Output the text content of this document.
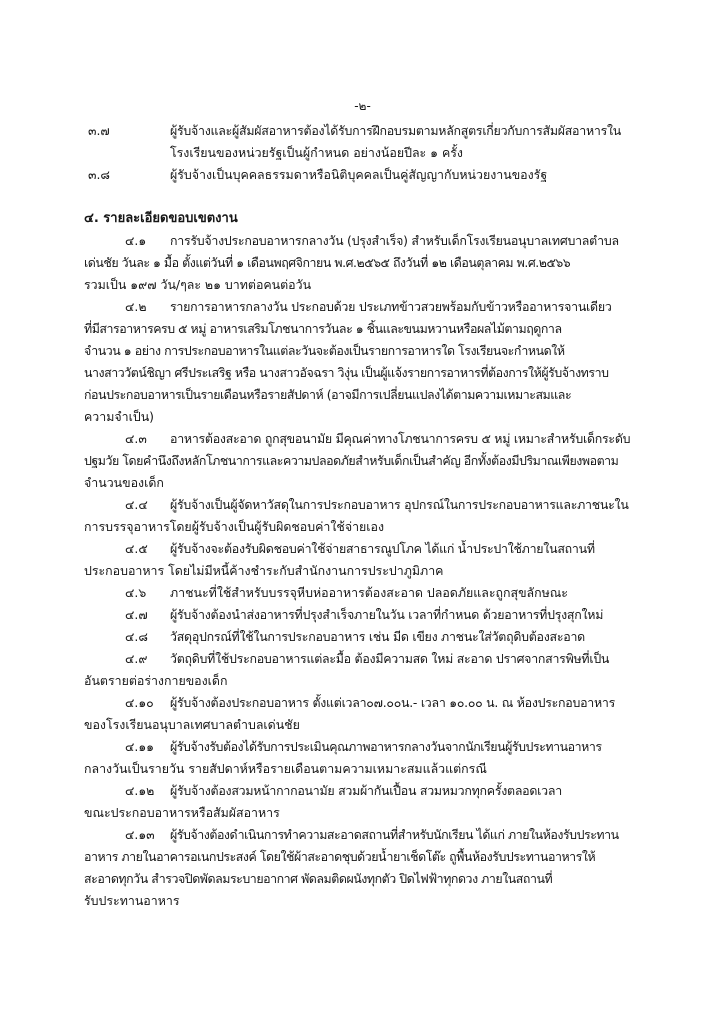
-๒-
๓.๗	ผู้รับจ้างและผู้สัมผัสอาหารต้องได้รับการฝึกอบรมตามหลักสูตรเกี่ยวกับการสัมผัสอาหารใน
โรงเรียนของหน่วยรัฐเป็นผู้กำหนด อย่างน้อยปีละ ๑ ครั้ง
๓.๘	ผู้รับจ้างเป็นบุคคลธรรมดาหรือนิติบุคคลเป็นคู่สัญญากับหน่วยงานของรัฐ
๔. รายละเอียดขอบเขตงาน
๔.๑ การรับจ้างประกอบอาหารกลางวัน (ปรุงสำเร็จ) สำหรับเด็กโรงเรียนอนุบาลเทศบาลตำบล
เด่นชัย วันละ ๑ มื้อ ตั้งแต่วันที่ ๑ เดือนพฤศจิกายน พ.ศ.๒๕๖๕ ถึงวันที่ ๑๒ เดือนตุลาคม พ.ศ.๒๕๖๖
รวมเป็น ๑๙๗ วัน/ๆละ ๒๑ บาทต่อคนต่อวัน
๔.๒ รายการอาหารกลางวัน ประกอบด้วย ประเภทข้าวสวยพร้อมกับข้าวหรืออาหารจานเดียว
ที่มีสารอาหารครบ ๕ หมู่ อาหารเสริมโภชนาการวันละ ๑ ชิ้นและขนมหวานหรือผลไม้ตามฤดูกาล
จำนวน ๑ อย่าง การประกอบอาหารในแต่ละวันจะต้องเป็นรายการอาหารใด โรงเรียนจะกำหนดให้
นางสาววัตน์ชิญา ศรีประเสริฐ หรือ นางสาวอัจฉรา วิงุ่น เป็นผู้แจ้งรายการอาหารที่ต้องการให้ผู้รับจ้างทราบ
ก่อนประกอบอาหารเป็นรายเดือนหรือรายสัปดาห์ (อาจมีการเปลี่ยนแปลงได้ตามความเหมาะสมและ
ความจำเป็น)
๔.๓ อาหารต้องสะอาด ถูกสุขอนามัย มีคุณค่าทางโภชนาการครบ ๕ หมู่ เหมาะสำหรับเด็กระดับ
ปฐมวัย โดยคำนึงถึงหลักโภชนาการและความปลอดภัยสำหรับเด็กเป็นสำคัญ อีกทั้งต้องมีปริมาณเพียงพอตาม
จำนวนของเด็ก
๔.๔ ผู้รับจ้างเป็นผู้จัดหาวัสดุในการประกอบอาหาร อุปกรณ์ในการประกอบอาหารและภาชนะใน
การบรรจุอาหารโดยผู้รับจ้างเป็นผู้รับผิดชอบค่าใช้จ่ายเอง
๔.๕ ผู้รับจ้างจะต้องรับผิดชอบค่าใช้จ่ายสาธารณูปโภค ได้แก่ น้ำประปาใช้ภายในสถานที่
ประกอบอาหาร โดยไม่มีหนี้ค้างชำระกับสำนักงานการประปาภูมิภาค
๔.๖ ภาชนะที่ใช้สำหรับบรรจุหีบห่ออาหารต้องสะอาด ปลอดภัยและถูกสุขลักษณะ
๔.๗ ผู้รับจ้างต้องนำส่งอาหารที่ปรุงสำเร็จภายในวัน เวลาที่กำหนด ด้วยอาหารที่ปรุงสุกใหม่
๔.๘ วัสดุอุปกรณ์ที่ใช้ในการประกอบอาหาร เช่น มีด เขียง ภาชนะใส่วัตถุดิบต้องสะอาด
๔.๙ วัตถุดิบที่ใช้ประกอบอาหารแต่ละมื้อ ต้องมีความสด ใหม่ สะอาด ปราศจากสารพิษที่เป็น
อันตรายต่อร่างกายของเด็ก
๔.๑๐ ผู้รับจ้างต้องประกอบอาหาร ตั้งแต่เวลา๐๗.๐๐น.- เวลา ๑๐.๐๐ น. ณ ห้องประกอบอาหาร
ของโรงเรียนอนุบาลเทศบาลตำบลเด่นชัย
๔.๑๑ ผู้รับจ้างรับต้องได้รับการประเมินคุณภาพอาหารกลางวันจากนักเรียนผู้รับประทานอาหาร
กลางวันเป็นรายวัน รายสัปดาห์หรือรายเดือนตามความเหมาะสมแล้วแต่กรณี
๔.๑๒ ผู้รับจ้างต้องสวมหน้ากากอนามัย สวมผ้ากันเปื้อน สวมหมวกทุกครั้งตลอดเวลา
ขณะประกอบอาหารหรือสัมผัสอาหาร
๔.๑๓ ผู้รับจ้างต้องดำเนินการทำความสะอาดสถานที่สำหรับนักเรียน ได้แก่ ภายในห้องรับประทาน
อาหาร ภายในอาคารอเนกประสงค์ โดยใช้ผ้าสะอาดชุบด้วยน้ำยาเช็ดโต๊ะ ถูพื้นห้องรับประทานอาหารให้
สะอาดทุกวัน สำรวจปิดพัดลมระบายอากาศ พัดลมติดผนังทุกตัว ปิดไฟฟ้าทุกดวง ภายในสถานที่
รับประทานอาหาร
